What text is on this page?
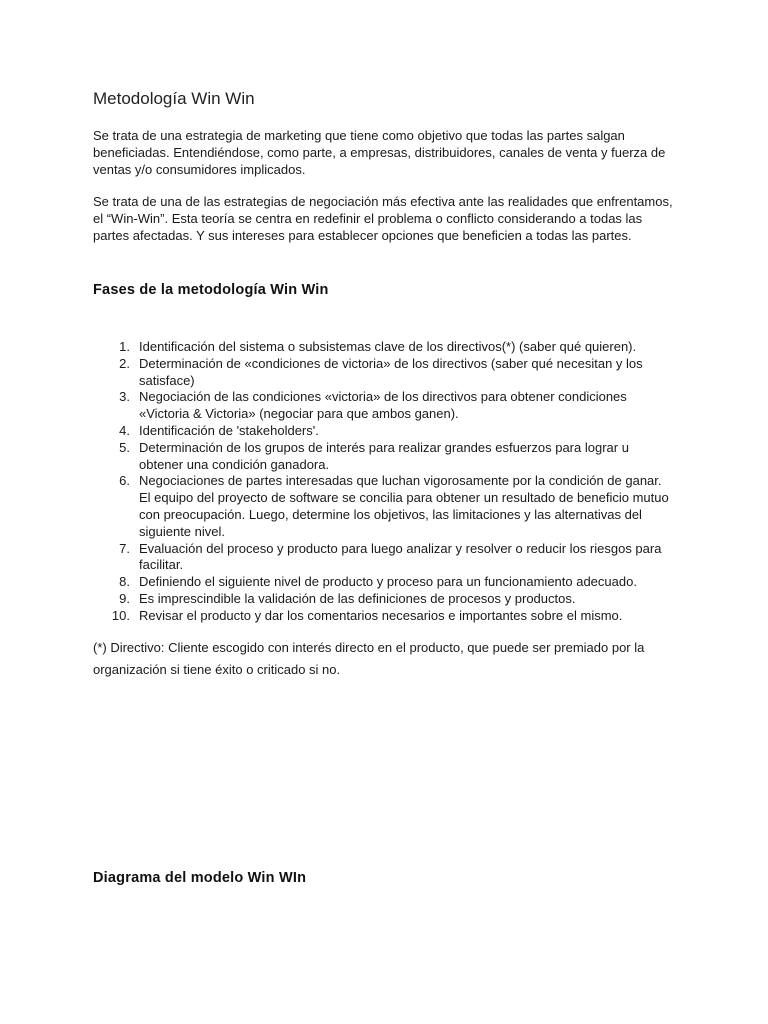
Metodología Win Win

Se trata de una estrategia de marketing que tiene como objetivo que todas las partes salgan beneficiadas. Entendiéndose, como parte, a empresas, distribuidores, canales de venta y fuerza de ventas y/o consumidores implicados.

Se trata de una de las estrategias de negociación más efectiva ante las realidades que enfrentamos, el “Win-Win”. Esta teoría se centra en redefinir el problema o conflicto considerando a todas las partes afectadas. Y sus intereses para establecer opciones que beneficien a todas las partes.

Fases de la metodología Win Win
1. Identificación del sistema o subsistemas clave de los directivos(*) (saber qué quieren).
2. Determinación de «condiciones de victoria» de los directivos (saber qué necesitan y los satisface)
3. Negociación de las condiciones «victoria» de los directivos para obtener condiciones «Victoria & Victoria» (negociar para que ambos ganen).
4. Identificación de 'stakeholders'.
5. Determinación de los grupos de interés para realizar grandes esfuerzos para lograr u obtener una condición ganadora.
6. Negociaciones de partes interesadas que luchan vigorosamente por la condición de ganar. El equipo del proyecto de software se concilia para obtener un resultado de beneficio mutuo con preocupación. Luego, determine los objetivos, las limitaciones y las alternativas del siguiente nivel.
7. Evaluación del proceso y producto para luego analizar y resolver o reducir los riesgos para facilitar.
8. Definiendo el siguiente nivel de producto y proceso para un funcionamiento adecuado.
9. Es imprescindible la validación de las definiciones de procesos y productos.
10. Revisar el producto y dar los comentarios necesarios e importantes sobre el mismo.

(*) Directivo: Cliente escogido con interés directo en el producto, que puede ser premiado por la organización si tiene éxito o criticado si no.

Diagrama del modelo Win WIn
